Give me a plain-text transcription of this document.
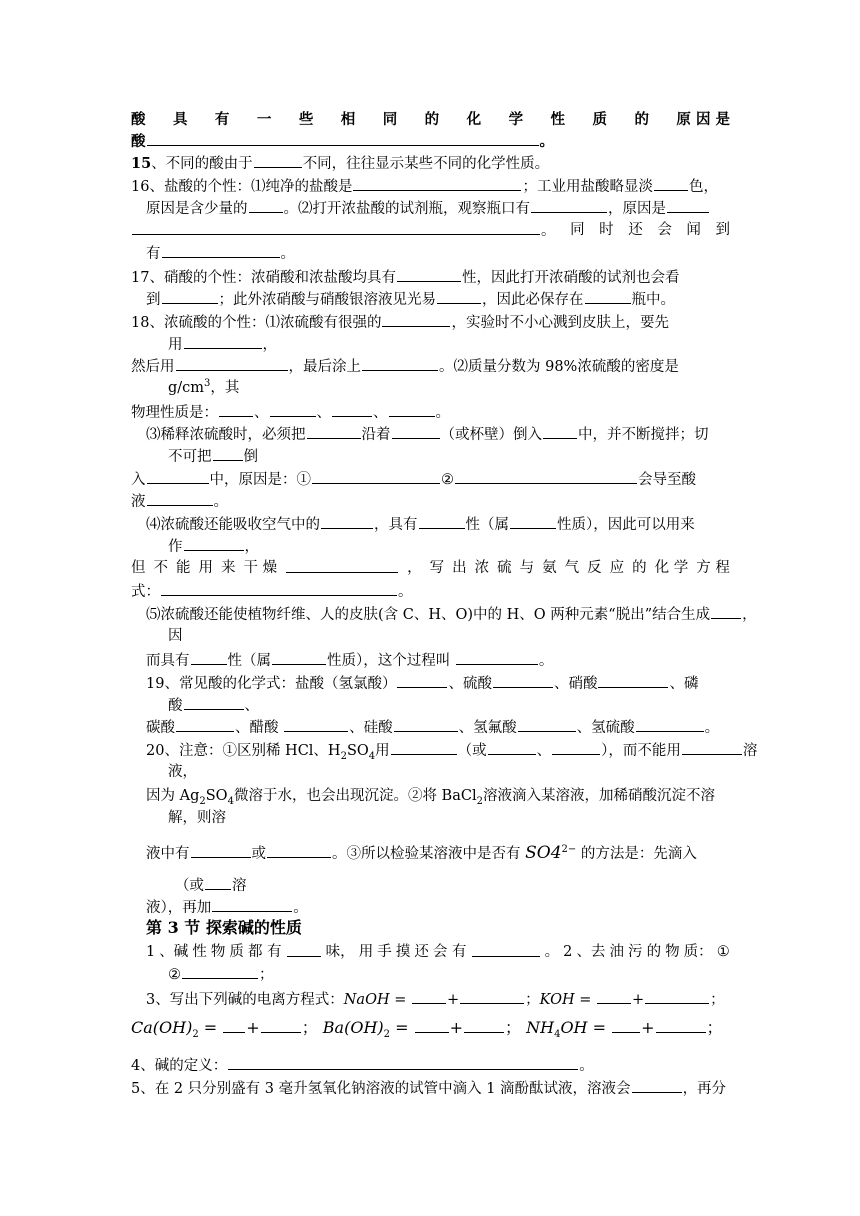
酸 具 有 一 些 相 同 的 化 学 性 质 的 原 因 是
酸	。
15、不同的酸由于	不同，往往显示某些不同的化学性质。
16、盐酸的个性：⑴纯净的盐酸是	；工业用盐酸略显淡 色，
原因是含少量的 。⑵打开浓盐酸的试剂瓶，观察瓶口有	，原因是
。 同 时 还 会 闻 到
有	。
17、硝酸的个性：浓硝酸和浓盐酸均具有	性，因此打开浓硝酸的试剂也会看
到	；此外浓硝酸与硝酸银溶液见光易	，因此必保存在	瓶中。
18、浓硫酸的个性：⑴浓硫酸有很强的	，实验时不小心溅到皮肤上，要先
用	，
然后用	，最后涂上	。⑵质量分数为 98%浓硫酸的密度是
$g/cm^3$，其
物理性质是： 、	、	、	。
⑶稀释浓硫酸时，必须把	沿着	（或杯壁）倒入 中，并不断搅拌；切
不可把 倒
入	中，原因是：①	②	会导至酸
液	。
⑷浓硫酸还能吸收空气中的	，具有	性（属	性质），因此可以用来
作	，
但 不 能 用 来 干 燥	， 写 出 浓 硫 与 氨 气 反 应 的 化 学 方 程
式：	。
⑸浓硫酸还能使植物纤维、人的皮肤(含 C、H、O)中的 H、O 两种元素“脱出”结合生成 ，
因
而具有	性（属	性质），这个过程叫	。
19、常见酸的化学式：盐酸（氢氯酸）	、硫酸	、硝酸	、磷
酸	、
碳酸	、醋酸	、硅酸	、氢氟酸	、氢硫酸	。
20、注意：①区别稀 HCl、$H_2SO_4$用	（或	、	），而不能用	溶
液，
因为 $Ag_2SO_4$微溶于水，也会出现沉淀。②将 BaCl$_2$溶液滴入某溶液，加稀硝酸沉淀不溶
解，则溶
液中有	或	。③所以检验某溶液中是否有 $SO4^{2-}$ 的方法是：先滴入
（或 溶
液），再加	。
第 3 节 探索碱的性质
1 、碱 性 物 质 都 有	味， 用 手 摸 还 会 有	。 2 、去 油 污 的 物 质： ①
②	；
3、写出下列碱的电离方程式：NaOH = +	；KOH = +	；
$Ca(OH)_2$ = +	； $Ba(OH)_2$ = +	； $NH_4OH$ = +	；
4、碱的定义：	。
5、在 2 只分别盛有 3 毫升氢氧化钠溶液的试管中滴入 1 滴酚酞试液，溶液会	，再分
